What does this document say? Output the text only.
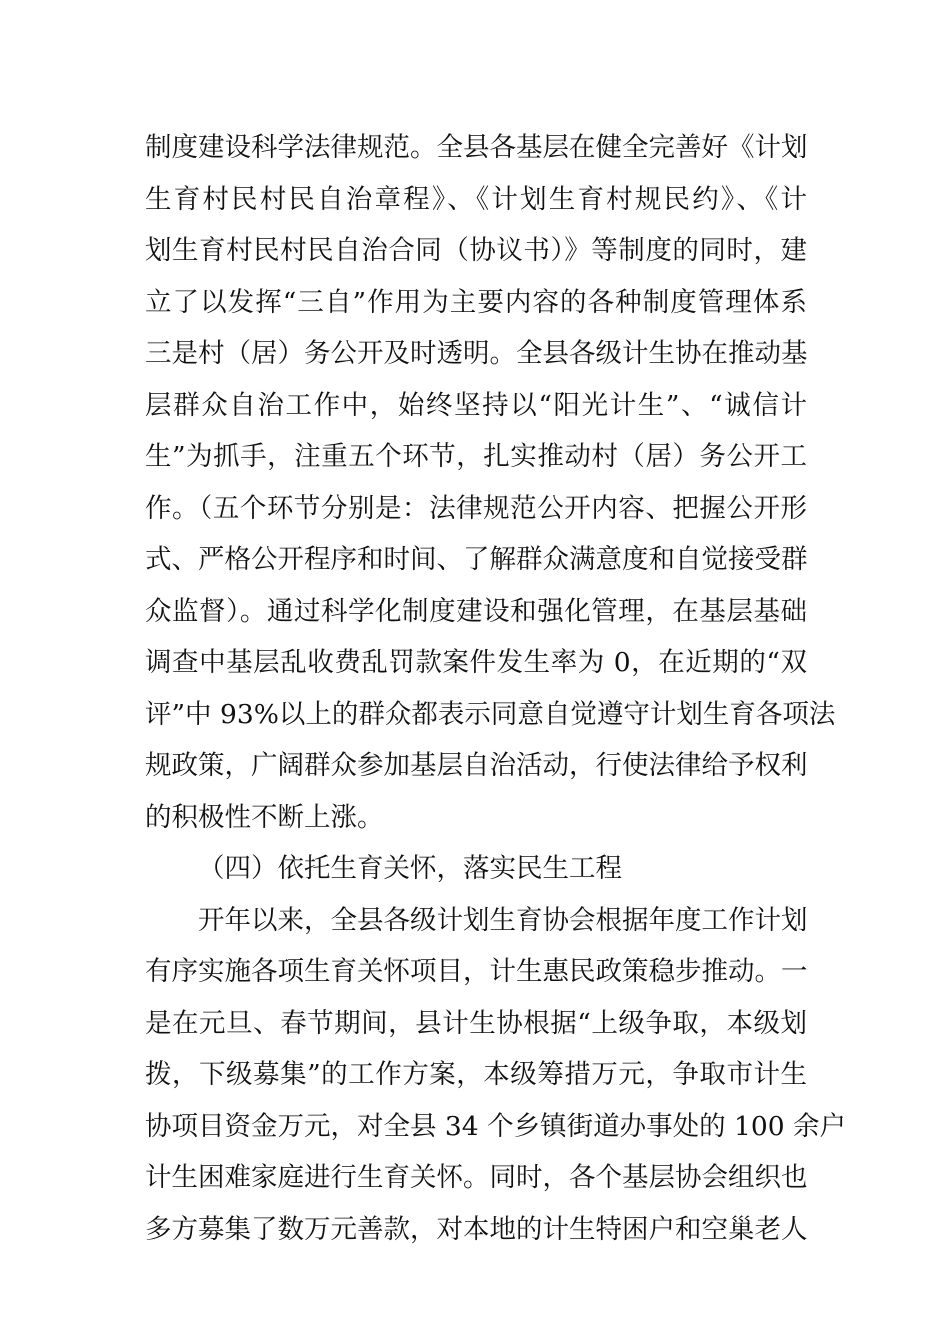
制度建设科学法律规范。全县各基层在健全完善好《计划
生育村民村民自治章程》、《计划生育村规民约》、《计
划生育村民村民自治合同（协议书）》等制度的同时，建
立了以发挥“三自”作用为主要内容的各种制度管理体系
三是村（居）务公开及时透明。全县各级计生协在推动基
层群众自治工作中，始终坚持以“阳光计生”、“诚信计
生”为抓手，注重五个环节，扎实推动村（居）务公开工
作。（五个环节分别是：法律规范公开内容、把握公开形
式、严格公开程序和时间、了解群众满意度和自觉接受群
众监督）。通过科学化制度建设和强化管理，在基层基础
调查中基层乱收费乱罚款案件发生率为 0，在近期的“双
评”中 93%以上的群众都表示同意自觉遵守计划生育各项法
规政策，广阔群众参加基层自治活动，行使法律给予权利
的积极性不断上涨。
（四）依托生育关怀，落实民生工程
开年以来，全县各级计划生育协会根据年度工作计划
有序实施各项生育关怀项目，计生惠民政策稳步推动。一
是在元旦、春节期间，县计生协根据“上级争取，本级划
拨，下级募集”的工作方案，本级筹措万元，争取市计生
协项目资金万元，对全县 34 个乡镇街道办事处的 100 余户
计生困难家庭进行生育关怀。同时，各个基层协会组织也
多方募集了数万元善款，对本地的计生特困户和空巢老人
